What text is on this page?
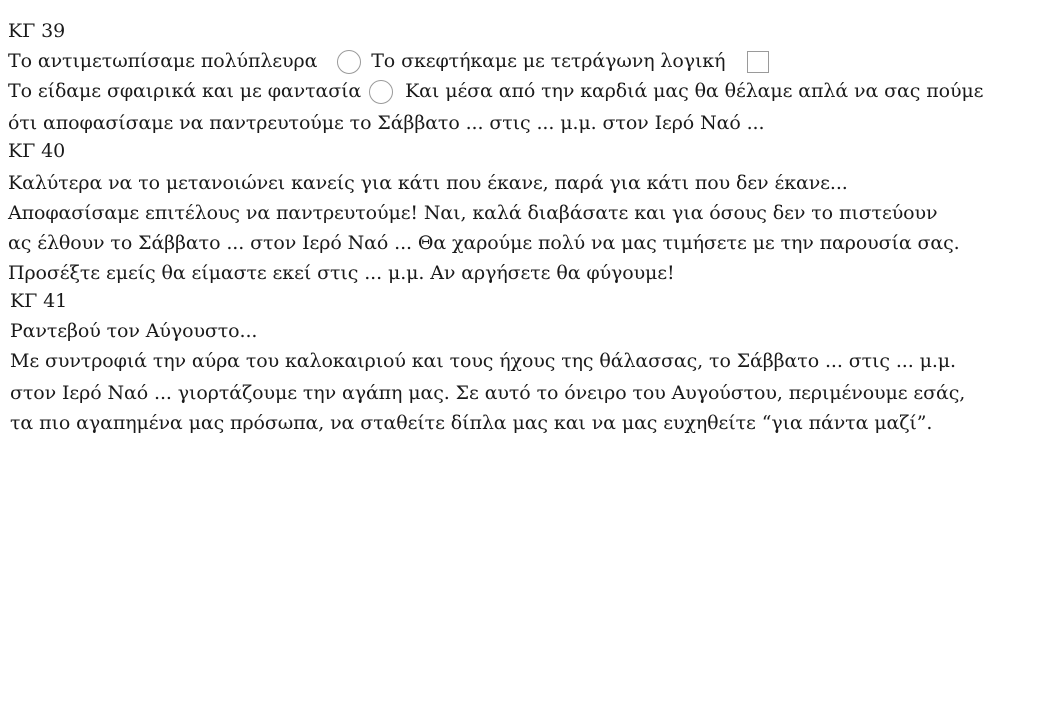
ΚΓ 39
Το αντιμετωπίσαμε πολύπλευρα	Το σκεφτήκαμε με τετράγωνη λογική
Το είδαμε σφαιρικά και με φαντασία Και μέσα από την καρδιά μας θα θέλαμε απλά να σας πούμε
ότι αποφασίσαμε να παντρευτούμε το Σάββατο ... στις ... μ.μ. στον Ιερό Ναό ...
ΚΓ 40
Καλύτερα να το μετανοιώνει κανείς για κάτι που έκανε, παρά για κάτι που δεν έκανε...
Αποφασίσαμε επιτέλους να παντρευτούμε! Ναι, καλά διαβάσατε και για όσους δεν το πιστεύουν
ας έλθουν το Σάββατο ... στον Ιερό Ναό ... Θα χαρούμε πολύ να μας τιμήσετε με την παρουσία σας.
Προσέξτε εμείς θα είμαστε εκεί στις ... μ.μ. Αν αργήσετε θα φύγουμε!
ΚΓ 41
Ραντεβού τον Αύγουστο...
Με συντροφιά την αύρα του καλοκαιριού και τους ήχους της θάλασσας, το Σάββατο ... στις ... μ.μ.
στον Ιερό Ναό ... γιορτάζουμε την αγάπη μας. Σε αυτό το όνειρο του Αυγούστου, περιμένουμε εσάς,
τα πιο αγαπημένα μας πρόσωπα, να σταθείτε δίπλα μας και να μας ευχηθείτε “για πάντα μαζί”.
